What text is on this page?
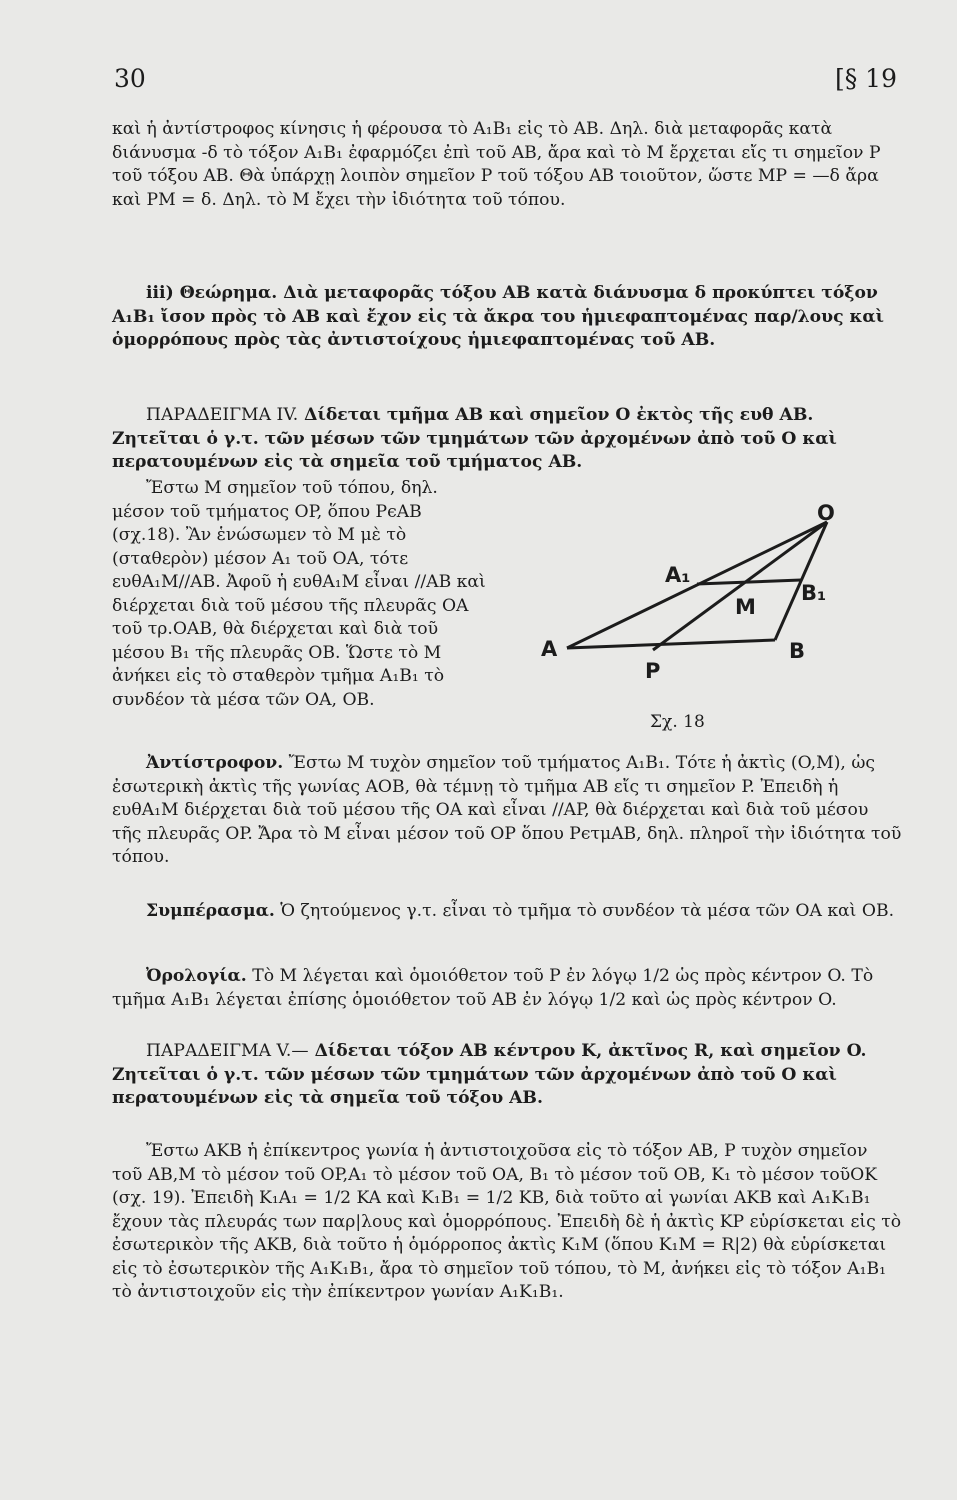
30	[§ 19

καὶ ἡ ἀντίστροφος κίνησις ἡ φέρουσα τὸ A₁B₁ εἰς τὸ AB. Δηλ. διὰ μεταφορᾶς κατὰ διάνυσμα -δ τὸ τόξον A₁B₁ ἐφαρμόζει ἐπὶ τοῦ AB, ἄρα καὶ τὸ M ἔρχεται εἴς τι σημεῖον P τοῦ τόξου AB. Θὰ ὑπάρχῃ λοιπὸν σημεῖον P τοῦ τόξου AB τοιοῦτον, ὥστε MP = —δ ἄρα καὶ PM = δ. Δηλ. τὸ M ἔχει τὴν ἰδιότητα τοῦ τόπου.

iii) Θεώρημα. Διὰ μεταφορᾶς τόξου AB κατὰ διάνυσμα δ προκύπτει τόξον A₁B₁ ἴσον πρὸς τὸ AB καὶ ἔχον εἰς τὰ ἄκρα του ἡμιεφαπτομένας παρ/λους καὶ ὁμορρόπους πρὸς τὰς ἀντιστοίχους ἡμιεφαπτομένας τοῦ AB.

ΠΑΡΑΔΕΙΓΜΑ IV. Δίδεται τμῆμα AB καὶ σημεῖον O ἐκτὸς τῆς ευθ AB. Ζητεῖται ὁ γ.τ. τῶν μέσων τῶν τμημάτων τῶν ἀρχομένων ἀπὸ τοῦ O καὶ περατουμένων εἰς τὰ σημεῖα τοῦ τμήματος AB.

Ἔστω M σημεῖον τοῦ τόπου, δηλ. μέσον τοῦ τμήματος OP, ὅπου PϵAB (σχ.18). Ἂν ἑνώσωμεν τὸ M μὲ τὸ (σταθερὸν) μέσον A₁ τοῦ OA, τότε ευθA₁M//AB. Ἀφοῦ ἡ ευθA₁M εἶναι //AB καὶ διέρχεται διὰ τοῦ μέσου τῆς πλευρᾶς OA τοῦ τρ.OAB, θὰ διέρχεται καὶ διὰ τοῦ μέσου B₁ τῆς πλευρᾶς OB. Ὥστε τὸ M ἀνήκει εἰς τὸ σταθερὸν τμῆμα A₁B₁ τὸ συνδέον τὰ μέσα τῶν OA, OB.

O
A₁
B₁
M
A
P
B
Σχ. 18

Ἀντίστροφον. Ἔστω M τυχὸν σημεῖον τοῦ τμήματος A₁B₁. Τότε ἡ ἀκτὶς (O,M), ὡς ἐσωτερικὴ ἀκτὶς τῆς γωνίας AOB, θὰ τέμνῃ τὸ τμῆμα AB εἴς τι σημεῖον P. Ἐπειδὴ ἡ ευθA₁M διέρχεται διὰ τοῦ μέσου τῆς OA καὶ εἶναι //AP, θὰ διέρχεται καὶ διὰ τοῦ μέσου τῆς πλευρᾶς OP. Ἄρα τὸ M εἶναι μέσον τοῦ OP ὅπου PϵτμAB, δηλ. πληροῖ τὴν ἰδιότητα τοῦ τόπου.

Συμπέρασμα. Ὁ ζητούμενος γ.τ. εἶναι τὸ τμῆμα τὸ συνδέον τὰ μέσα τῶν OA καὶ OB.

Ὀρολογία. Τὸ M λέγεται καὶ ὁμοιόθετον τοῦ P ἐν λόγῳ 1/2 ὡς πρὸς κέντρον O. Τὸ τμῆμα A₁B₁ λέγεται ἐπίσης ὁμοιόθετον τοῦ AB ἐν λόγῳ 1/2 καὶ ὡς πρὸς κέντρον O.

ΠΑΡΑΔΕΙΓΜΑ V.— Δίδεται τόξον AB κέντρου K, ἀκτῖνος R, καὶ σημεῖον O. Ζητεῖται ὁ γ.τ. τῶν μέσων τῶν τμημάτων τῶν ἀρχομένων ἀπὸ τοῦ O καὶ περατουμένων εἰς τὰ σημεῖα τοῦ τόξου AB.

Ἔστω AKB ἡ ἐπίκεντρος γωνία ἡ ἀντιστοιχοῦσα εἰς τὸ τόξον AB, P τυχὸν σημεῖον τοῦ AB,M τὸ μέσον τοῦ OP,A₁ τὸ μέσον τοῦ OA, B₁ τὸ μέσον τοῦ OB, K₁ τὸ μέσον τοῦOK (σχ. 19). Ἐπειδὴ K₁A₁ = 1/2 KA καὶ K₁B₁ = 1/2 KB, διὰ τοῦτο αἱ γωνίαι AKB καὶ A₁K₁B₁ ἔχουν τὰς πλευράς των παρ|λους καὶ ὁμορρόπους. Ἐπειδὴ δὲ ἡ ἀκτὶς KP εὑρίσκεται εἰς τὸ ἐσωτερικὸν τῆς AKB, διὰ τοῦτο ἡ ὁμόρροπος ἀκτὶς K₁M (ὅπου K₁M = R|2) θὰ εὑρίσκεται εἰς τὸ ἐσωτερικὸν τῆς A₁K₁B₁, ἄρα τὸ σημεῖον τοῦ τόπου, τὸ M, ἀνήκει εἰς τὸ τόξον A₁B₁ τὸ ἀντιστοιχοῦν εἰς τὴν ἐπίκεντρον γωνίαν A₁K₁B₁.
